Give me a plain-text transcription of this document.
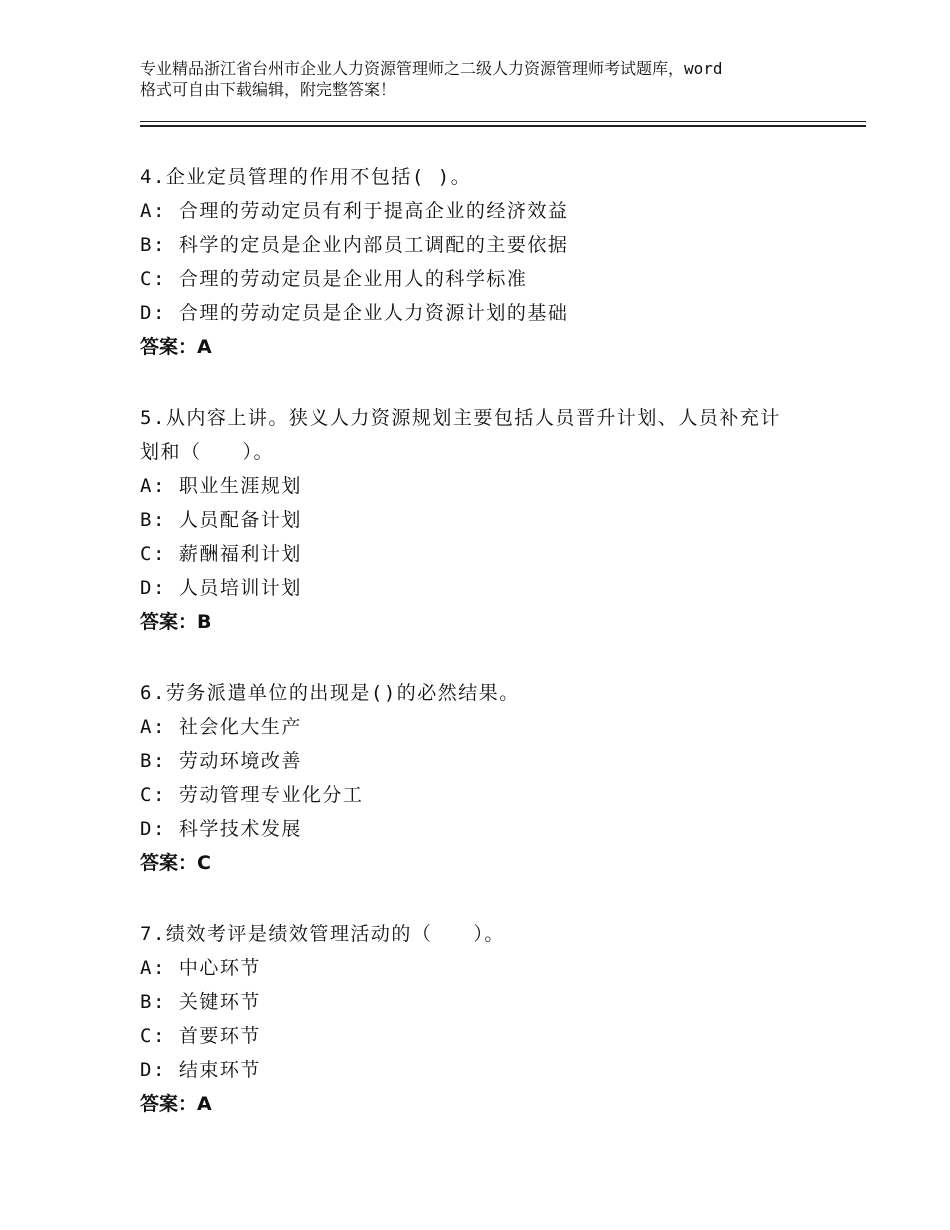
专业精品浙江省台州市企业人力资源管理师之二级人力资源管理师考试题库，word
格式可自由下载编辑，附完整答案！
4.企业定员管理的作用不包括( )。
A: 合理的劳动定员有利于提高企业的经济效益
B: 科学的定员是企业内部员工调配的主要依据
C: 合理的劳动定员是企业用人的科学标准
D: 合理的劳动定员是企业人力资源计划的基础
答案：A
5.从内容上讲。狭义人力资源规划主要包括人员晋升计划、人员补充计划和（　　）。
A: 职业生涯规划
B: 人员配备计划
C: 薪酬福利计划
D: 人员培训计划
答案：B
6.劳务派遣单位的出现是()的必然结果。
A: 社会化大生产
B: 劳动环境改善
C: 劳动管理专业化分工
D: 科学技术发展
答案：C
7.绩效考评是绩效管理活动的（　　）。
A: 中心环节
B: 关键环节
C: 首要环节
D: 结束环节
答案：A
